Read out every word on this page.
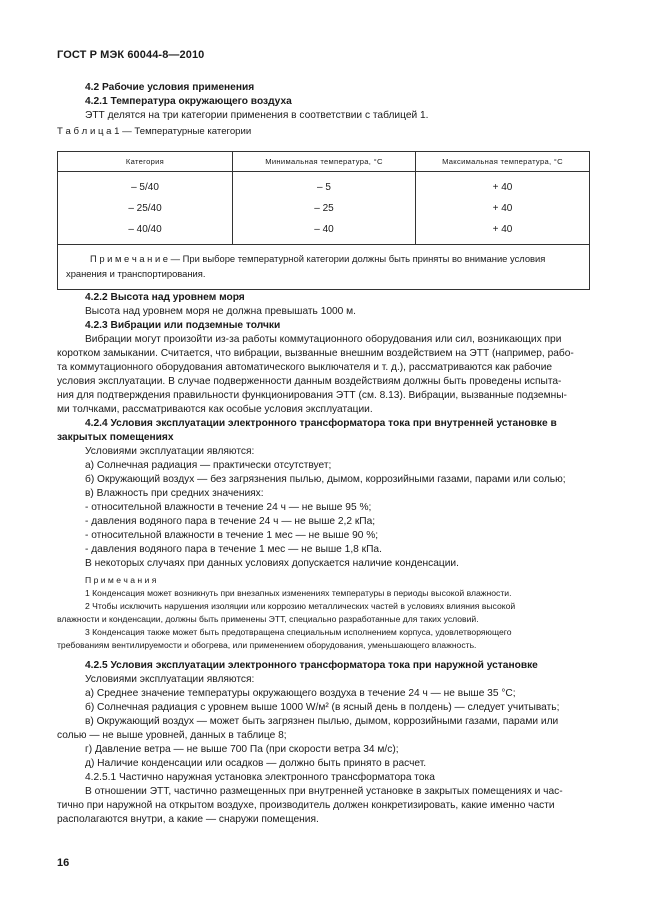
ГОСТ Р МЭК 60044-8—2010
4.2 Рабочие условия применения
4.2.1 Температура окружающего воздуха
ЭТТ делятся на три категории применения в соответствии с таблицей 1.
Т а б л и ц а 1 — Температурные категории
Категория	Минимальная температура, °С	Максимальная температура, °С
– 5/40	– 5	+ 40
– 25/40	– 25	+ 40
– 40/40	– 40	+ 40
П р и м е ч а н и е — При выборе температурной категории должны быть приняты во внимание условия хранения и транспортирования.		
4.2.2 Высота над уровнем моря
Высота над уровнем моря не должна превышать 1000 м.
4.2.3 Вибрации или подземные толчки
Вибрации могут произойти из-за работы коммутационного оборудования или сил, возникающих при
коротком замыкании. Считается, что вибрации, вызванные внешним воздействием на ЭТТ (например, рабо-
та коммутационного оборудования автоматического выключателя и т. д.), рассматриваются как рабочие
условия эксплуатации. В случае подверженности данным воздействиям должны быть проведены испыта-
ния для подтверждения правильности функционирования ЭТТ (см. 8.13). Вибрации, вызванные подземны-
ми толчками, рассматриваются как особые условия эксплуатации.
4.2.4 Условия эксплуатации электронного трансформатора тока при внутренней установке в
закрытых помещениях
Условиями эксплуатации являются:
а) Солнечная радиация — практически отсутствует;
б) Окружающий воздух — без загрязнения пылью, дымом, коррозийными газами, парами или солью;
в) Влажность при средних значениях:
- относительной влажности в течение 24 ч — не выше 95 %;
- давления водяного пара в течение 24 ч — не выше 2,2 кПа;
- относительной влажности в течение 1 мес — не выше 90 %;
- давления водяного пара в течение 1 мес — не выше 1,8 кПа.
В некоторых случаях при данных условиях допускается наличие конденсации.
П р и м е ч а н и я
1 Конденсация может возникнуть при внезапных изменениях температуры в периоды высокой влажности.
2 Чтобы исключить нарушения изоляции или коррозию металлических частей в условиях влияния высокой
влажности и конденсации, должны быть применены ЭТТ, специально разработанные для таких условий.
3 Конденсация также может быть предотвращена специальным исполнением корпуса, удовлетворяющего
требованиям вентилируемости и обогрева, или применением оборудования, уменьшающего влажность.
4.2.5 Условия эксплуатации электронного трансформатора тока при наружной установке
Условиями эксплуатации являются:
а) Среднее значение температуры окружающего воздуха в течение 24 ч — не выше 35 °С;
б) Солнечная радиация с уровнем выше 1000 W/м² (в ясный день в полдень) — следует учитывать;
в) Окружающий воздух — может быть загрязнен пылью, дымом, коррозийными газами, парами или
солью — не выше уровней, данных в таблице 8;
г) Давление ветра — не выше 700 Па (при скорости ветра 34 м/с);
д) Наличие конденсации или осадков — должно быть принято в расчет.
4.2.5.1 Частично наружная установка электронного трансформатора тока
В отношении ЭТТ, частично размещенных при внутренней установке в закрытых помещениях и час-
тично при наружной на открытом воздухе, производитель должен конкретизировать, какие именно части
располагаются внутри, а какие — снаружи помещения.
16
